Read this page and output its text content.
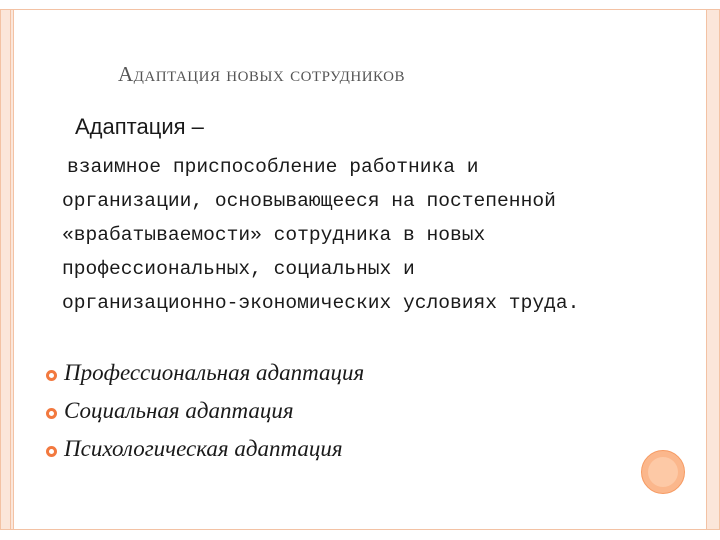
Адаптация новых сотрудников
Адаптация –
взаимное приспособление работника и
организации, основывающееся на постепенной
«врабатываемости» сотрудника в новых
профессиональных, социальных и
организационно-экономических условиях труда.
Профессиональная адаптация
Социальная адаптация
Психологическая адаптация
